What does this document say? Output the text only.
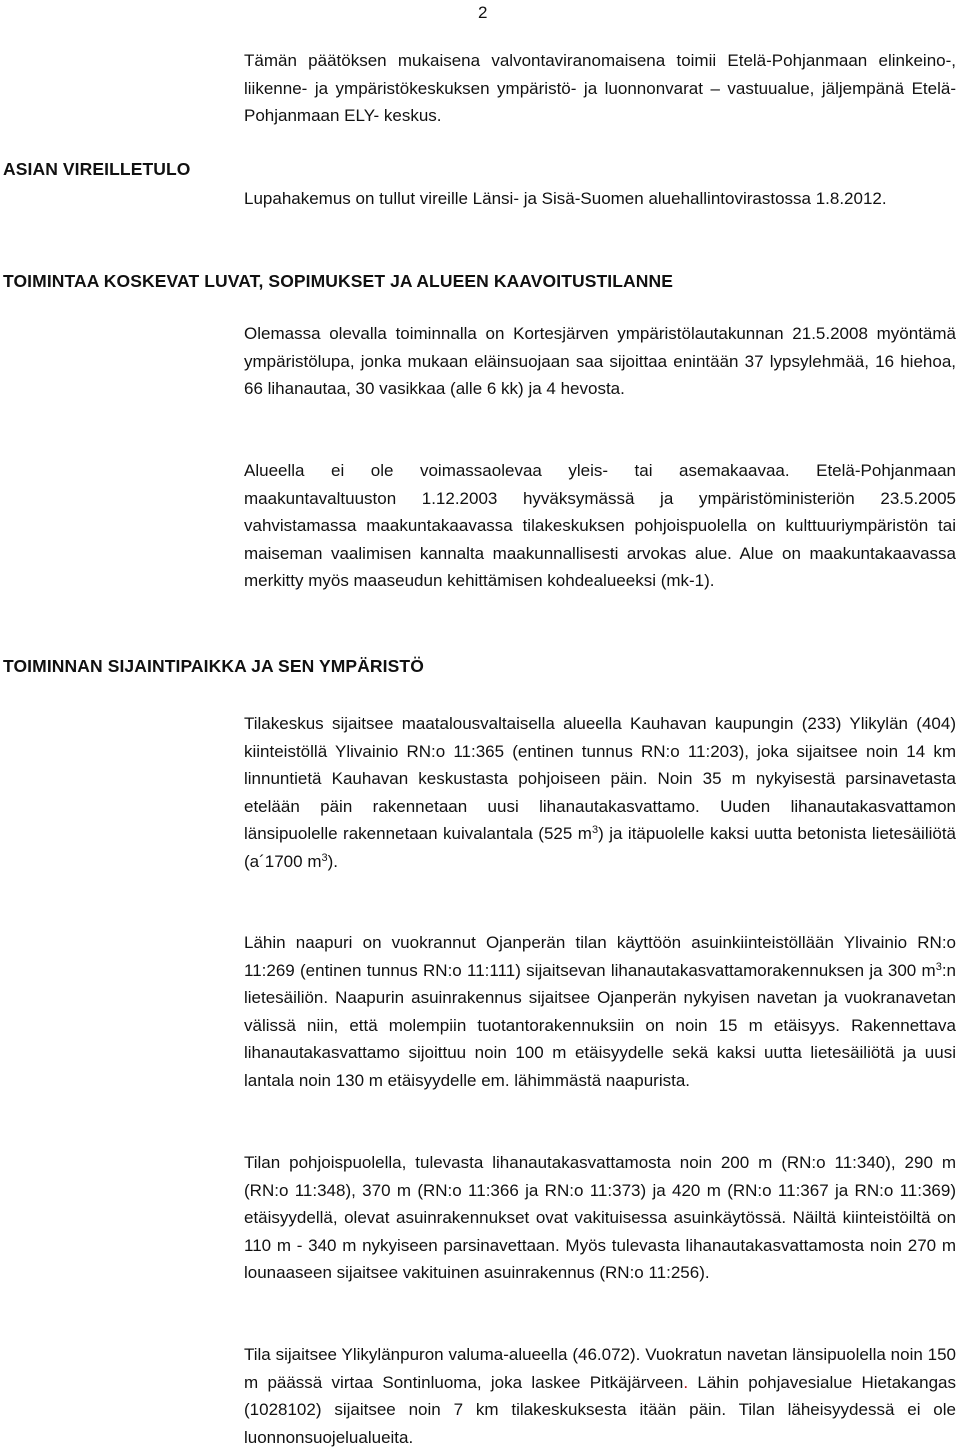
2

Tämän päätöksen mukaisena valvontaviranomaisena toimii Etelä-Pohjanmaan elinkeino-, liikenne- ja ympäristökeskuksen ympäristö- ja luonnonvarat – vastuualue, jäljempänä Etelä-Pohjanmaan ELY- keskus.

ASIAN VIREILLETULO

Lupahakemus on tullut vireille Länsi- ja Sisä-Suomen aluehallintovirastossa 1.8.2012.

TOIMINTAA KOSKEVAT LUVAT, SOPIMUKSET JA ALUEEN KAAVOITUSTILANNE

Olemassa olevalla toiminnalla on Kortesjärven ympäristölautakunnan 21.5.2008 myöntämä ympäristölupa, jonka mukaan eläinsuojaan saa sijoittaa enintään 37 lypsylehmää, 16 hiehoa, 66 lihanautaa, 30 vasikkaa (alle 6 kk) ja 4 hevosta.

Alueella ei ole voimassaolevaa yleis- tai asemakaavaa. Etelä-Pohjanmaan maakuntavaltuuston 1.12.2003 hyväksymässä ja ympäristöministeriön 23.5.2005 vahvistamassa maakuntakaavassa tilakeskuksen pohjoispuolella on kulttuuriympäristön tai maiseman vaalimisen kannalta maakunnallisesti arvokas alue. Alue on maakuntakaavassa merkitty myös maaseudun kehittämisen kohdealueeksi (mk-1).

TOIMINNAN SIJAINTIPAIKKA JA SEN YMPÄRISTÖ

Tilakeskus sijaitsee maatalousvaltaisella alueella Kauhavan kaupungin (233) Ylikylän (404) kiinteistöllä Ylivainio RN:o 11:365 (entinen tunnus RN:o 11:203), joka sijaitsee noin 14 km linnuntietä Kauhavan keskustasta pohjoiseen päin. Noin 35 m nykyisestä parsinavetasta etelään päin rakennetaan uusi lihanautakasvattamo. Uuden lihanautakasvattamon länsipuolelle rakennetaan kuivalantala (525 $m^3$) ja itäpuolelle kaksi uutta betonista lietesäiliötä (a´1700 $m^3$).

Lähin naapuri on vuokrannut Ojanperän tilan käyttöön asuinkiinteistöllään Ylivainio RN:o 11:269 (entinen tunnus RN:o 11:111) sijaitsevan lihanautakasvattamorakennuksen ja 300 $m^3:n$ lietesäiliön. Naapurin asuinrakennus sijaitsee Ojanperän nykyisen navetan ja vuokranavetan välissä niin, että molempiin tuotantorakennuksiin on noin 15 m etäisyys. Rakennettava lihanautakasvattamo sijoittuu noin 100 m etäisyydelle sekä kaksi uutta lietesäiliötä ja uusi lantala noin 130 m etäisyydelle em. lähimmästä naapurista.

Tilan pohjoispuolella, tulevasta lihanautakasvattamosta noin 200 m (RN:o 11:340), 290 m (RN:o 11:348), 370 m (RN:o 11:366 ja RN:o 11:373) ja 420 m (RN:o 11:367 ja RN:o 11:369) etäisyydellä, olevat asuinrakennukset ovat vakituisessa asuinkäytössä. Näiltä kiinteistöiltä on 110 m - 340 m nykyiseen parsinavettaan. Myös tulevasta lihanautakasvattamosta noin 270 m lounaaseen sijaitsee vakituinen asuinrakennus (RN:o 11:256).

Tila sijaitsee Ylikylänpuron valuma-alueella (46.072). Vuokratun navetan länsipuolella noin 150 m päässä virtaa Sontinluoma, joka laskee Pitkäjärveen. Lähin pohjavesialue Hietakangas (1028102) sijaitsee noin 7 km tilakeskuksesta itään päin. Tilan läheisyydessä ei ole luonnonsuojelualueita.
